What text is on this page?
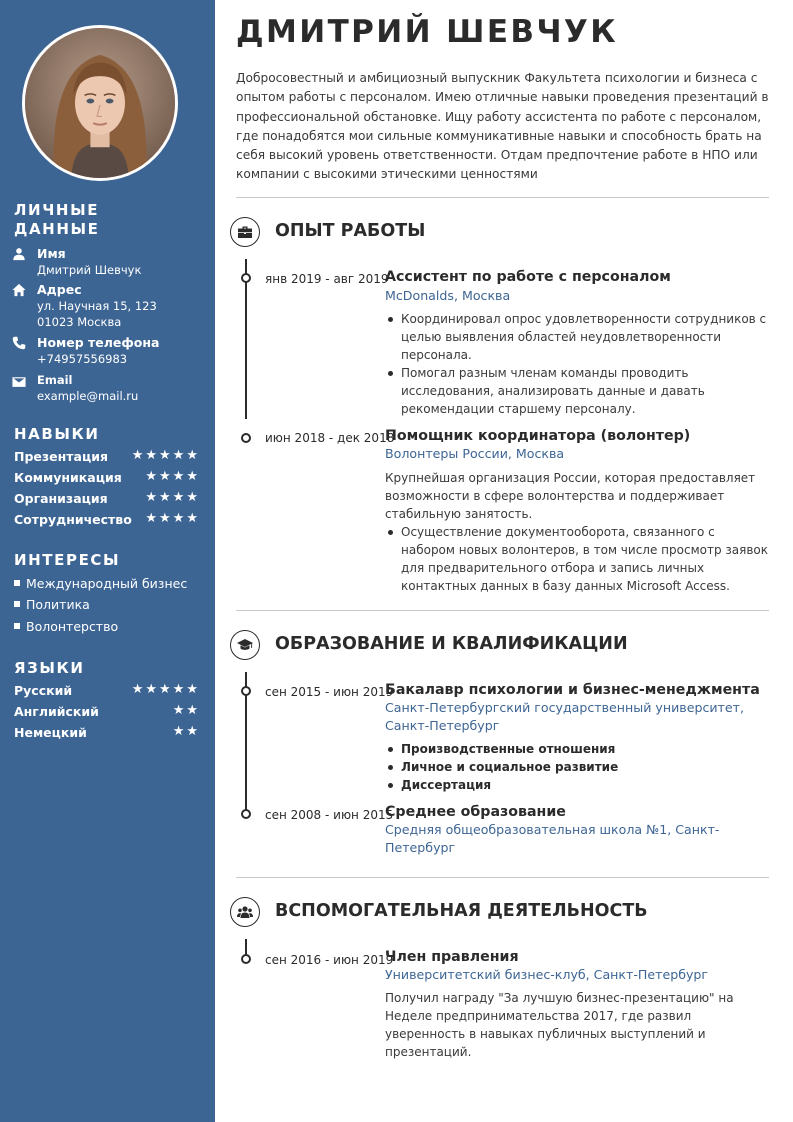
ЛИЧНЫЕ
ДАННЫЕ
Имя
Дмитрий Шевчук
Адрес
ул. Научная 15, 123
01023 Москва
Номер телефона
+74957556983
Email
example@mail.ru
НАВЫКИ
Презентация ★★★★★
Коммуникация ★★★★
Организация	★★★★
Сотрудничество ★★★★
ИНТЕРЕСЫ
Международный бизнес
Политика
Волонтерство
ЯЗЫКИ
Русский	★★★★★
Английский	★★
Немецкий	★★
ДМИТРИЙ ШЕВЧУК
Добросовестный и амбициозный выпускник Факультета психологии и бизнеса с опытом работы с персоналом. Имею отличные навыки проведения презентаций в профессиональной обстановке. Ищу работу ассистента по работе с персоналом, где понадобятся мои сильные коммуникативные навыки и способность брать на себя высокий уровень ответственности. Отдам предпочтение работе в НПО или компании с высокими этическими ценностями
ОПЫТ РАБОТЫ
янв 2019 - авг 2019
Ассистент по работе с персоналом
McDonalds, Москва
Координировал опрос удовлетворенности сотрудников с целью выявления областей неудовлетворенности персонала.
Помогал разным членам команды проводить исследования, анализировать данные и давать рекомендации старшему персоналу.
июн 2018 - дек 2018
Помощник координатора (волонтер)
Волонтеры России, Москва
Крупнейшая организация России, которая предоставляет возможности в сфере волонтерства и поддерживает стабильную занятость.
Осуществление документооборота, связанного с набором новых волонтеров, в том числе просмотр заявок для предварительного отбора и запись личных контактных данных в базу данных Microsoft Access.
ОБРАЗОВАНИЕ И КВАЛИФИКАЦИИ
сен 2015 - июн 2019
Бакалавр психологии и бизнес-менеджмента
Санкт-Петербургский государственный университет, Санкт-Петербург
Производственные отношения
Личное и социальное развитие
Диссертация
сен 2008 - июн 2015
Среднее образование
Средняя общеобразовательная школа №1, Санкт-Петербург
ВСПОМОГАТЕЛЬНАЯ ДЕЯТЕЛЬНОСТЬ
сен 2016 - июн 2019
Член правления
Университетский бизнес-клуб, Санкт-Петербург
Получил награду "За лучшую бизнес-презентацию" на Неделе предпринимательства 2017, где развил уверенность в навыках публичных выступлений и презентаций.
